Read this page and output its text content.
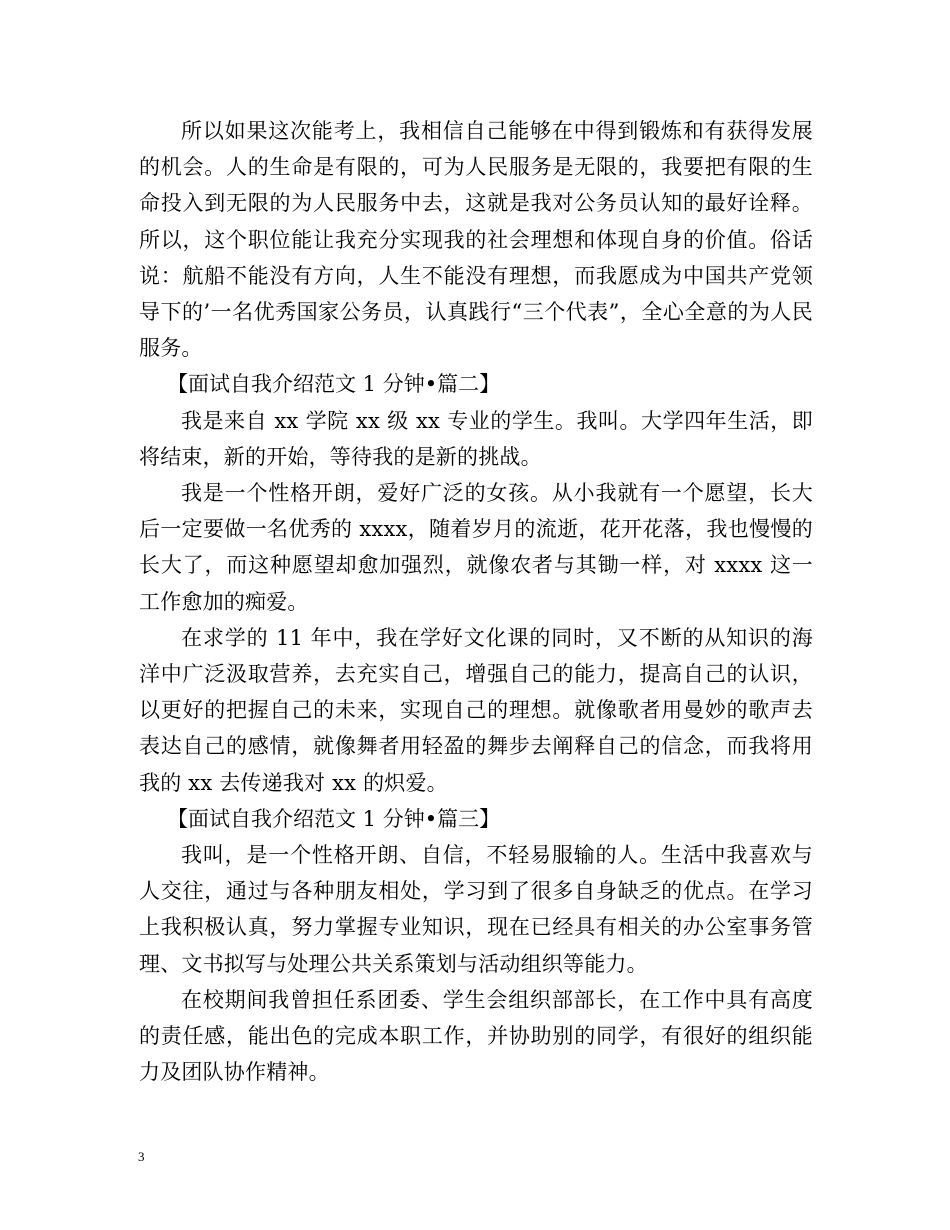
所以如果这次能考上，我相信自己能够在中得到锻炼和有获得发展的机会。人的生命是有限的，可为人民服务是无限的，我要把有限的生命投入到无限的为人民服务中去，这就是我对公务员认知的最好诠释。所以，这个职位能让我充分实现我的社会理想和体现自身的价值。俗话说：航船不能没有方向，人生不能没有理想，而我愿成为中国共产党领导下的’一名优秀国家公务员，认真践行“三个代表”，全心全意的为人民服务。

【面试自我介绍范文 1 分钟•篇二】

我是来自 xx 学院 xx 级 xx 专业的学生。我叫。大学四年生活，即将结束，新的开始，等待我的是新的挑战。

我是一个性格开朗，爱好广泛的女孩。从小我就有一个愿望，长大后一定要做一名优秀的 xxxx，随着岁月的流逝，花开花落，我也慢慢的长大了，而这种愿望却愈加强烈，就像农者与其锄一样，对 xxxx 这一工作愈加的痴爱。

在求学的 11 年中，我在学好文化课的同时，又不断的从知识的海洋中广泛汲取营养，去充实自己，增强自己的能力，提高自己的认识，以更好的把握自己的未来，实现自己的理想。就像歌者用曼妙的歌声去表达自己的感情，就像舞者用轻盈的舞步去阐释自己的信念，而我将用我的 xx 去传递我对 xx 的炽爱。

【面试自我介绍范文 1 分钟•篇三】

我叫，是一个性格开朗、自信，不轻易服输的人。生活中我喜欢与人交往，通过与各种朋友相处，学习到了很多自身缺乏的优点。在学习上我积极认真，努力掌握专业知识，现在已经具有相关的办公室事务管理、文书拟写与处理公共关系策划与活动组织等能力。

在校期间我曾担任系团委、学生会组织部部长，在工作中具有高度的责任感，能出色的完成本职工作，并协助别的同学，有很好的组织能力及团队协作精神。

3
